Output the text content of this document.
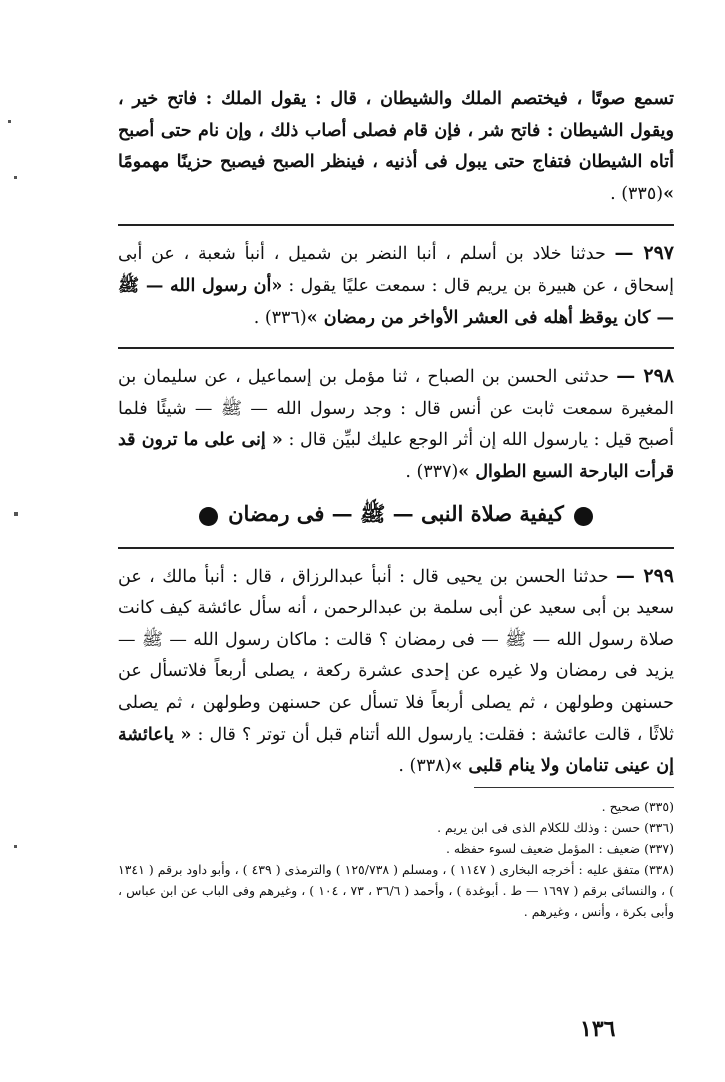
تسمع صوتًا ، فيختصم الملك والشيطان ، قال : يقول الملك : فاتح خير ، ويقول الشيطان : فاتح شر ، فإن قام فصلى أصاب ذلك ، وإن نام حتى أصبح أتاه الشيطان فتفاج حتى يبول فى أذنيه ، فينظر الصبح فيصبح حزينًا مهمومًا »(٣٣٥) .

٢٩٧ — حدثنا خلاد بن أسلم ، أنبا النضر بن شميل ، أنبأ شعبة ، عن أبى إسحاق ، عن هبيرة بن يريم قال : سمعت عليًا يقول : «أن رسول الله — ﷺ — كان يوقظ أهله فى العشر الأواخر من رمضان »(٣٣٦) .

٢٩٨ — حدثنى الحسن بن الصباح ، ثنا مؤمل بن إسماعيل ، عن سليمان بن المغيرة سمعت ثابت عن أنس قال : وجد رسول الله — ﷺ — شيئًا فلما أصبح قيل : يارسول الله إن أثر الوجع عليك لبيِّن قال : « إنى على ما ترون قد قرأت البارحة السبع الطوال »(٣٣٧) .

كيفية صلاة النبى — ﷺ — فى رمضان

٢٩٩ — حدثنا الحسن بن يحيى قال : أنبأ عبدالرزاق ، قال : أنبأ مالك ، عن سعيد بن أبى سعيد عن أبى سلمة بن عبدالرحمن ، أنه سأل عائشة كيف كانت صلاة رسول الله — ﷺ — فى رمضان ؟ قالت : ماكان رسول الله — ﷺ — يزيد فى رمضان ولا غيره عن إحدى عشرة ركعة ، يصلى أربعاً فلاتسأل عن حسنهن وطولهن ، ثم يصلى أربعاً فلا تسأل عن حسنهن وطولهن ، ثم يصلى ثلاثًا ، قالت عائشة : فقلت: يارسول الله أتنام قبل أن توتر ؟ قال : « ياعائشة إن عينى تنامان ولا ينام قلبى »(٣٣٨) .

(٣٣٥) صحيح .
(٣٣٦) حسن : وذلك للكلام الذى فى ابن يريم .
(٣٣٧) ضعيف : المؤمل ضعيف لسوء حفظه .
(٣٣٨) متفق عليه : أخرجه البخارى ( ١١٤٧ ) ، ومسلم ( ١٢٥/٧٣٨ ) والترمذى ( ٤٣٩ ) ، وأبو داود برقم ( ١٣٤١ ) ، والنسائى برقم ( ١٦٩٧ — ط . أبوغدة ) ، وأحمد ( ٣٦/٦ ، ٧٣ ، ١٠٤ ) ، وغيرهم وفى الباب عن ابن عباس ، وأبى بكرة ، وأنس ، وغيرهم .
١٣٦
